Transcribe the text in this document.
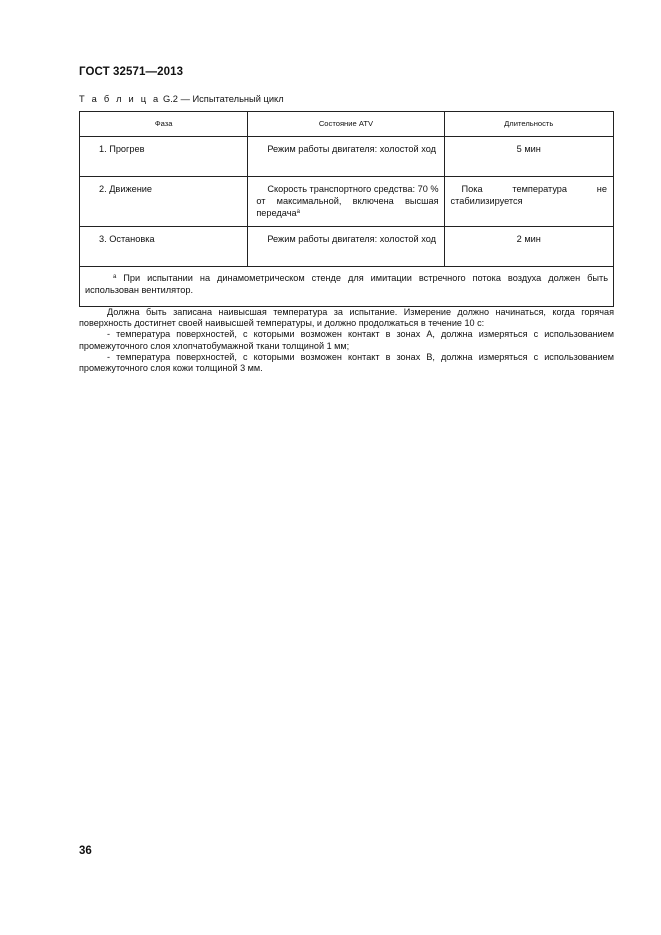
ГОСТ 32571—2013
Т а б л и ц а G.2 — Испытательный цикл
Фаза	Состояние ATV	Длительность
1. Прогрев	Режим работы двигателя: холостой ход	5 мин
2. Движение	Скорость транспортного средства: 70 % от максимальной, включена высшая передача$^а$	Пока температура не стабилизируется
3. Остановка	Режим работы двигателя: холостой ход	2 мин
$^а$ При испытании на динамометрическом стенде для имитации встречного потока воздуха должен быть использован вентилятор.		

Должна быть записана наивысшая температура за испытание. Измерение должно начинаться, когда горячая поверхность достигнет своей наивысшей температуры, и должно продолжаться в течение 10 с:

- температура поверхностей, с которыми возможен контакт в зонах А, должна измеряться с использованием промежуточного слоя хлопчатобумажной ткани толщиной 1 мм;

- температура поверхностей, с которыми возможен контакт в зонах В, должна измеряться с использованием промежуточного слоя кожи толщиной 3 мм.

36
